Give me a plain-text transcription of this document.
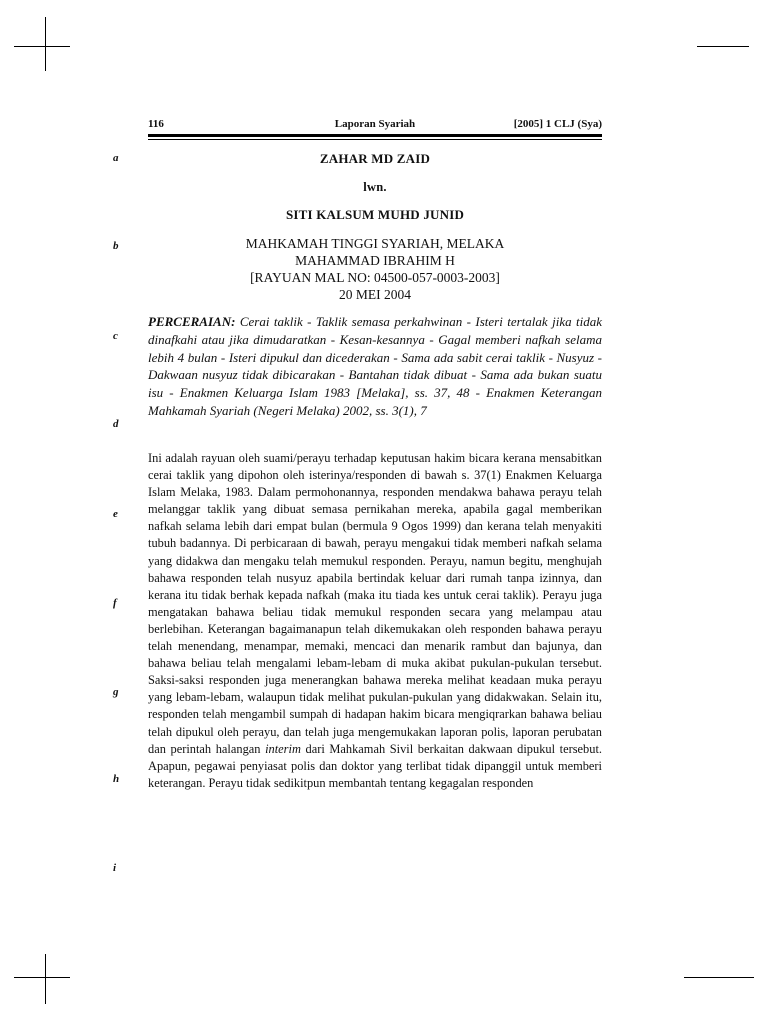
116	Laporan Syariah	[2005] 1 CLJ (Sya)
ZAHAR MD ZAID
lwn.
SITI KALSUM MUHD JUNID
MAHKAMAH TINGGI SYARIAH, MELAKA
MAHAMMAD IBRAHIM H
[RAYUAN MAL NO: 04500-057-0003-2003]
20 MEI 2004
PERCERAIAN: Cerai taklik - Taklik semasa perkahwinan - Isteri tertalak jika tidak dinafkahi atau jika dimudaratkan - Kesan-kesannya - Gagal memberi nafkah selama lebih 4 bulan - Isteri dipukul dan dicederakan - Sama ada sabit cerai taklik - Nusyuz - Dakwaan nusyuz tidak dibicarakan - Bantahan tidak dibuat - Sama ada bukan suatu isu - Enakmen Keluarga Islam 1983 [Melaka], ss. 37, 48 - Enakmen Keterangan Mahkamah Syariah (Negeri Melaka) 2002, ss. 3(1), 7
Ini adalah rayuan oleh suami/perayu terhadap keputusan hakim bicara kerana mensabitkan cerai taklik yang dipohon oleh isterinya/responden di bawah s. 37(1) Enakmen Keluarga Islam Melaka, 1983. Dalam permohonannya, responden mendakwa bahawa perayu telah melanggar taklik yang dibuat semasa pernikahan mereka, apabila gagal memberikan nafkah selama lebih dari empat bulan (bermula 9 Ogos 1999) dan kerana telah menyakiti tubuh badannya. Di perbicaraan di bawah, perayu mengakui tidak memberi nafkah selama yang didakwa dan mengaku telah memukul responden. Perayu, namun begitu, menghujah bahawa responden telah nusyuz apabila bertindak keluar dari rumah tanpa izinnya, dan kerana itu tidak berhak kepada nafkah (maka itu tiada kes untuk cerai taklik). Perayu juga mengatakan bahawa beliau tidak memukul responden secara yang melampau atau berlebihan. Keterangan bagaimanapun telah dikemukakan oleh responden bahawa perayu telah menendang, menampar, memaki, mencaci dan menarik rambut dan bajunya, dan bahawa beliau telah mengalami lebam-lebam di muka akibat pukulan-pukulan tersebut. Saksi-saksi responden juga menerangkan bahawa mereka melihat keadaan muka perayu yang lebam-lebam, walaupun tidak melihat pukulan-pukulan yang didakwakan. Selain itu, responden telah mengambil sumpah di hadapan hakim bicara mengiqrarkan bahawa beliau telah dipukul oleh perayu, dan telah juga mengemukakan laporan polis, laporan perubatan dan perintah halangan interim dari Mahkamah Sivil berkaitan dakwaan dipukul tersebut. Apapun, pegawai penyiasat polis dan doktor yang terlibat tidak dipanggil untuk memberi keterangan. Perayu tidak sedikitpun membantah tentang kegagalan responden
a
b
c
d
e
f
g
h
i
